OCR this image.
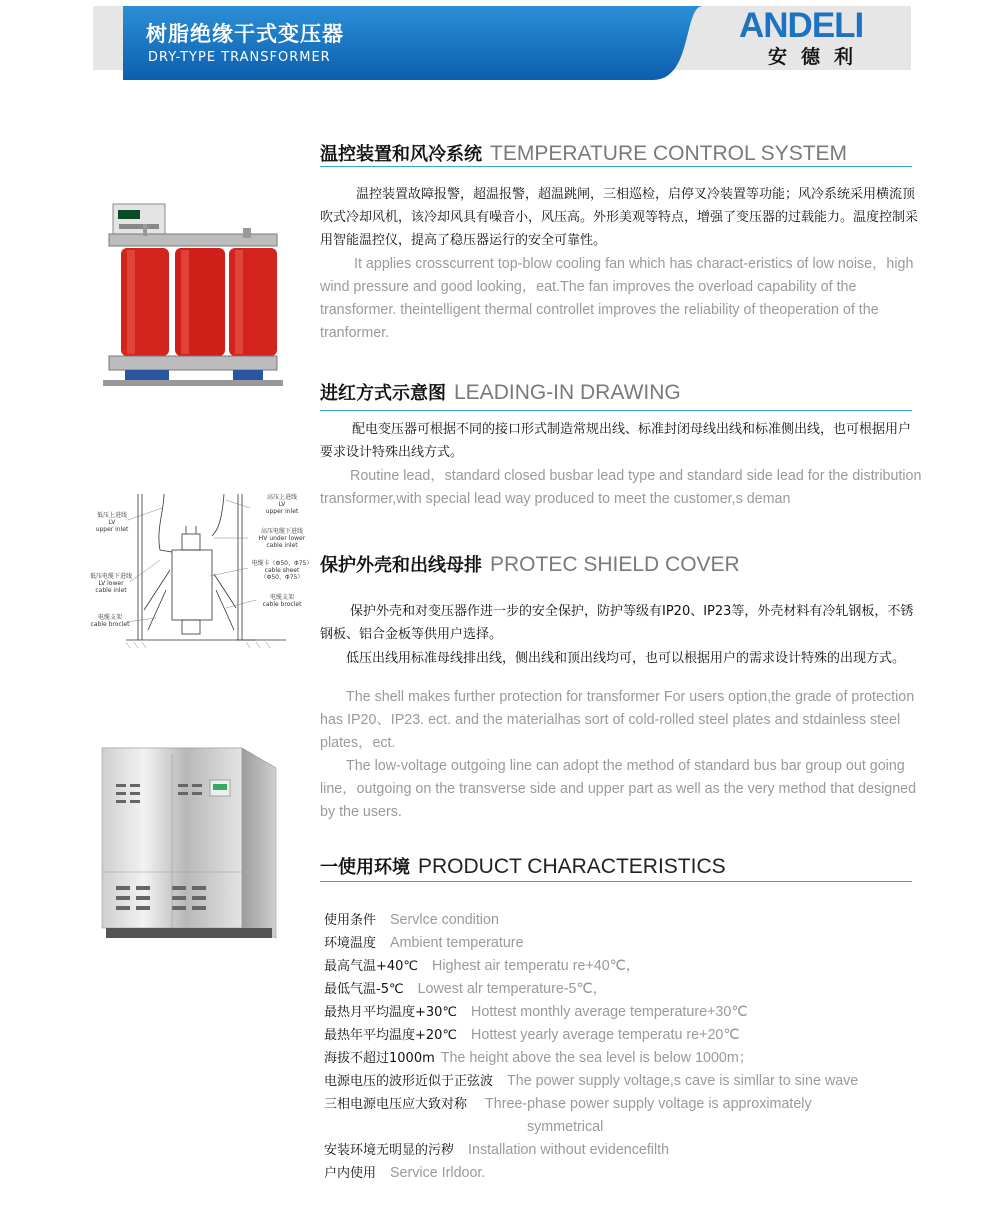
树脂绝缘干式变压器
DRY-TYPE TRANSFORMER
ANDELI
安德利
温控装置和风冷系统 TEMPERATURE CONTROL SYSTEM
温控装置故障报警，超温报警，超温跳闸，三相巡检，启停叉冷装置等功能；风冷系统采用横流顶吹式冷却风机，该冷却风具有噪音小，风压高。外形美观等特点，增强了变压器的过载能力。温度控制采用智能温控仪，提高了稳压器运行的安全可靠性。
It applies crosscurrent top-blow cooling fan which has charact-eristics of low noise，high wind pressure and good looking，eat.The fan improves the overload capability of the transformer. theintelligent thermal controllet improves the reliability of theoperation of the tranformer.
进红方式示意图 LEADING-IN DRAWING
配电变压器可根据不同的接口形式制造常规出线、标准封闭母线出线和标准侧出线，也可根据用户要求设计特殊出线方式。
Routine lead，standard closed busbar lead type and standard side lead for the distribution transformer,with special lead way produced to meet the customer,s deman
低压上进线
LV
upper inlet
低压电缆下进线
LV lower
cable inlet
电缆支架
cable broclet
高压上进线
LV
upper inlet
高压电缆下进线
HV under lower
cable inlet
电缆卡（Φ50、Φ75）
cable sheet
（Φ50、Φ75）
电缆支架
cable broclet
保护外壳和出线母排 PROTEC SHIELD COVER
保护外壳和对变压器作进一步的安全保护，防护等级有IP20、IP23等，外壳材料有冷轧钢板，不锈钢板、铝合金板等供用户选择。
低压出线用标准母线排出线，侧出线和顶出线均可，也可以根据用户的需求设计特殊的出现方式。
The shell makes further protection for transformer For users option,the grade of protection has IP20、IP23. ect. and the materialhas sort of cold-rolled steel plates and stdainless steel plates，ect.
The low-voltage outgoing line can adopt the method of standard bus bar group out going line，outgoing on the transverse side and upper part as well as the very method that designed by the users.
一使用环境 PRODUCT CHARACTERISTICS
使用条件 Servlce condition
环境温度 Ambient temperature
最高气温+40℃ Highest air temperatu re+40℃，
最低气温-5℃ Lowest alr temperature-5℃，
最热月平均温度+30℃ Hottest monthly average temperature+30℃
最热年平均温度+20℃ Hottest yearly average temperatu re+20℃
海拔不超过1000m The height above the sea level is below 1000m；
电源电压的波形近似于正弦波 The power supply voltage,s cave is simllar to sine wave
三相电源电压应大致对称 Three-phase power supply voltage is approximately
symmetrical
安装环境无明显的污秽 Installation without evidencefilth
户内使用 Service Irldoor.
